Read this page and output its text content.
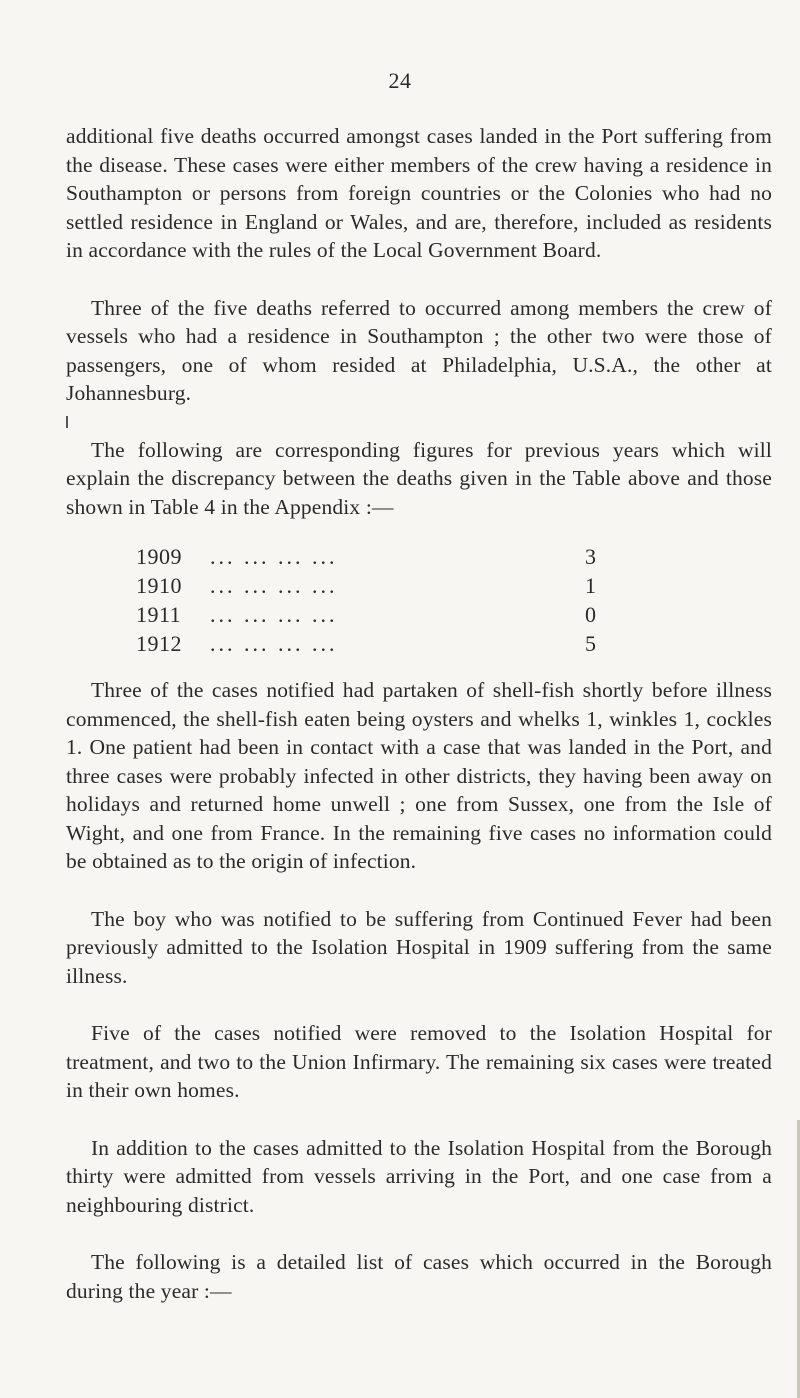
24

additional five deaths occurred amongst cases landed in the Port suffering from the disease. These cases were either members of the crew having a residence in Southampton or persons from foreign countries or the Colonies who had no settled residence in England or Wales, and are, therefore, included as residents in accordance with the rules of the Local Government Board.

Three of the five deaths referred to occurred among members the crew of vessels who had a residence in Southampton ; the other two were those of passengers, one of whom resided at Philadelphia, U.S.A., the other at Johannesburg.

The following are corresponding figures for previous years which will explain the discrepancy between the deaths given in the Table above and those shown in Table 4 in the Appendix :—

1909	... ... ... ...	3
1910	... ... ... ...	1
1911	... ... ... ...	0
1912	... ... ... ...	5

Three of the cases notified had partaken of shell-fish shortly before illness commenced, the shell-fish eaten being oysters and whelks 1, winkles 1, cockles 1. One patient had been in contact with a case that was landed in the Port, and three cases were probably infected in other districts, they having been away on holidays and returned home unwell ; one from Sussex, one from the Isle of Wight, and one from France. In the remaining five cases no information could be obtained as to the origin of infection.

The boy who was notified to be suffering from Continued Fever had been previously admitted to the Isolation Hospital in 1909 suffering from the same illness.

Five of the cases notified were removed to the Isolation Hospital for treatment, and two to the Union Infirmary. The remaining six cases were treated in their own homes.

In addition to the cases admitted to the Isolation Hospital from the Borough thirty were admitted from vessels arriving in the Port, and one case from a neighbouring district.

The following is a detailed list of cases which occurred in the Borough during the year :—
